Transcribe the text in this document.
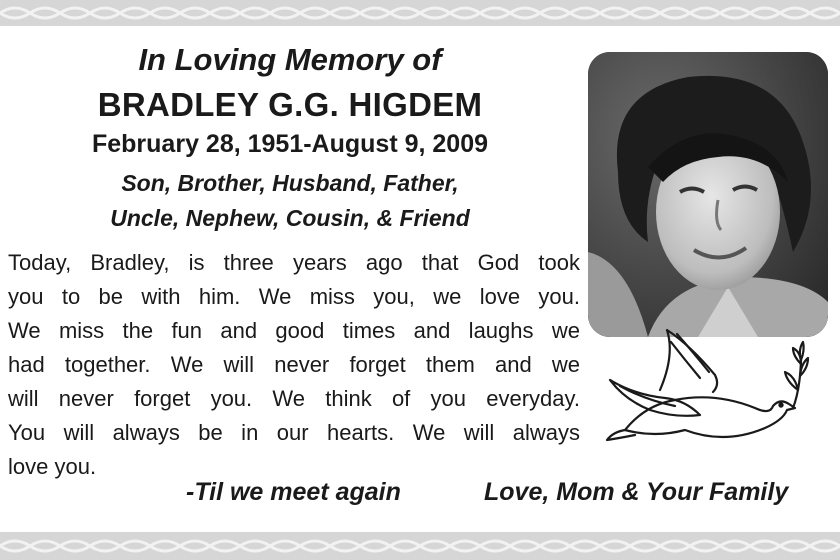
In Loving Memory of
BRADLEY G.G. HIGDEM
February 28, 1951-August 9, 2009
Son, Brother, Husband, Father,
Uncle, Nephew, Cousin, & Friend
Today, Bradley, is three years ago that God took
you to be with him. We miss you, we love you.
We miss the fun and good times and laughs we
had together. We will never forget them and we
will never forget you. We think of you everyday.
You will always be in our hearts. We will always
love you.
-Til we meet again	Love, Mom & Your Family
